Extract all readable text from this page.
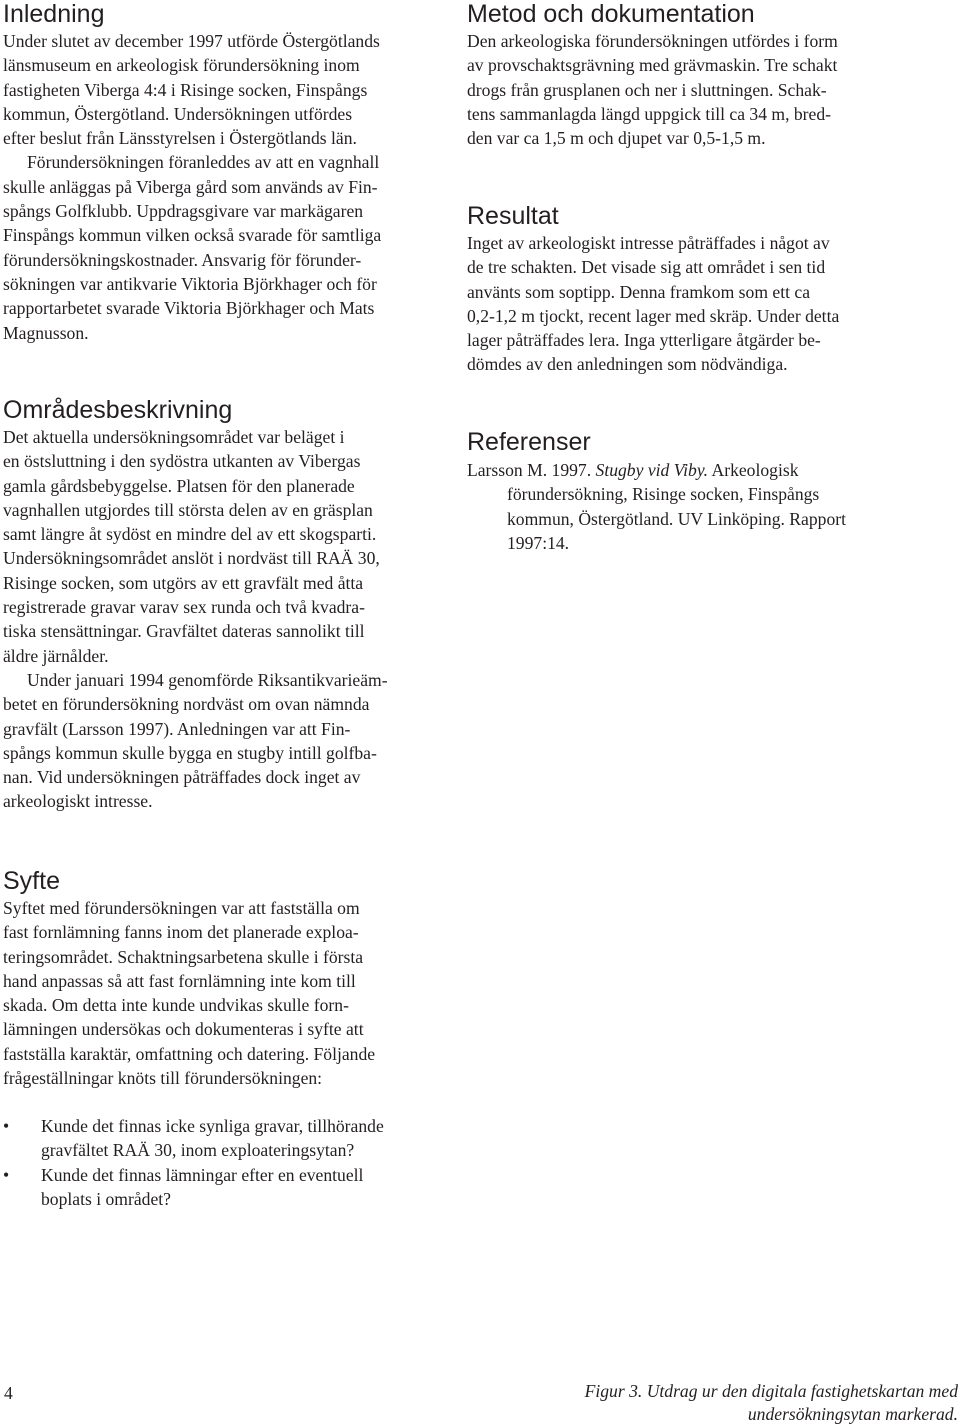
Inledning
Under slutet av december 1997 utförde Östergötlands
länsmuseum en arkeologisk förundersökning inom
fastigheten Viberga 4:4 i Risinge socken, Finspångs
kommun, Östergötland. Undersökningen utfördes
efter beslut från Länsstyrelsen i Östergötlands län.
Förundersökningen föranleddes av att en vagnhall
skulle anläggas på Viberga gård som används av Fin-
spångs Golfklubb. Uppdragsgivare var markägaren
Finspångs kommun vilken också svarade för samtliga
förundersökningskostnader. Ansvarig för förunder-
sökningen var antikvarie Viktoria Björkhager och för
rapportarbetet svarade Viktoria Björkhager och Mats
Magnusson.
Områdesbeskrivning
Det aktuella undersökningsområdet var beläget i
en östsluttning i den sydöstra utkanten av Vibergas
gamla gårdsbebyggelse. Platsen för den planerade
vagnhallen utgjordes till största delen av en gräsplan
samt längre åt sydöst en mindre del av ett skogsparti.
Undersökningsområdet anslöt i nordväst till RAÄ 30,
Risinge socken, som utgörs av ett gravfält med åtta
registrerade gravar varav sex runda och två kvadra-
tiska stensättningar. Gravfältet dateras sannolikt till
äldre järnålder.
Under januari 1994 genomförde Riksantikvarieäm-
betet en förundersökning nordväst om ovan nämnda
gravfält (Larsson 1997). Anledningen var att Fin-
spångs kommun skulle bygga en stugby intill golfba-
nan. Vid undersökningen påträffades dock inget av
arkeologiskt intresse.
Syfte
Syftet med förundersökningen var att fastställa om
fast fornlämning fanns inom det planerade exploa-
teringsområdet. Schaktningsarbetena skulle i första
hand anpassas så att fast fornlämning inte kom till
skada. Om detta inte kunde undvikas skulle forn-
lämningen undersökas och dokumenteras i syfte att
fastställa karaktär, omfattning och datering. Följande
frågeställningar knöts till förundersökningen:
• Kunde det finnas icke synliga gravar, tillhörande
gravfältet RAÄ 30, inom exploateringsytan?
• Kunde det finnas lämningar efter en eventuell
boplats i området?
Metod och dokumentation
Den arkeologiska förundersökningen utfördes i form
av provschaktsgrävning med grävmaskin. Tre schakt
drogs från grusplanen och ner i sluttningen. Schak-
tens sammanlagda längd uppgick till ca 34 m, bred-
den var ca 1,5 m och djupet var 0,5-1,5 m.
Resultat
Inget av arkeologiskt intresse påträffades i något av
de tre schakten. Det visade sig att området i sen tid
använts som soptipp. Denna framkom som ett ca
0,2-1,2 m tjockt, recent lager med skräp. Under detta
lager påträffades lera. Inga ytterligare åtgärder be-
dömdes av den anledningen som nödvändiga.
Referenser
Larsson M. 1997. Stugby vid Viby. Arkeologisk
förundersökning, Risinge socken, Finspångs
kommun, Östergötland. UV Linköping. Rapport
1997:14.
4	Figur 3. Utdrag ur den digitala fastighetskartan med
undersökningsytan markerad.
